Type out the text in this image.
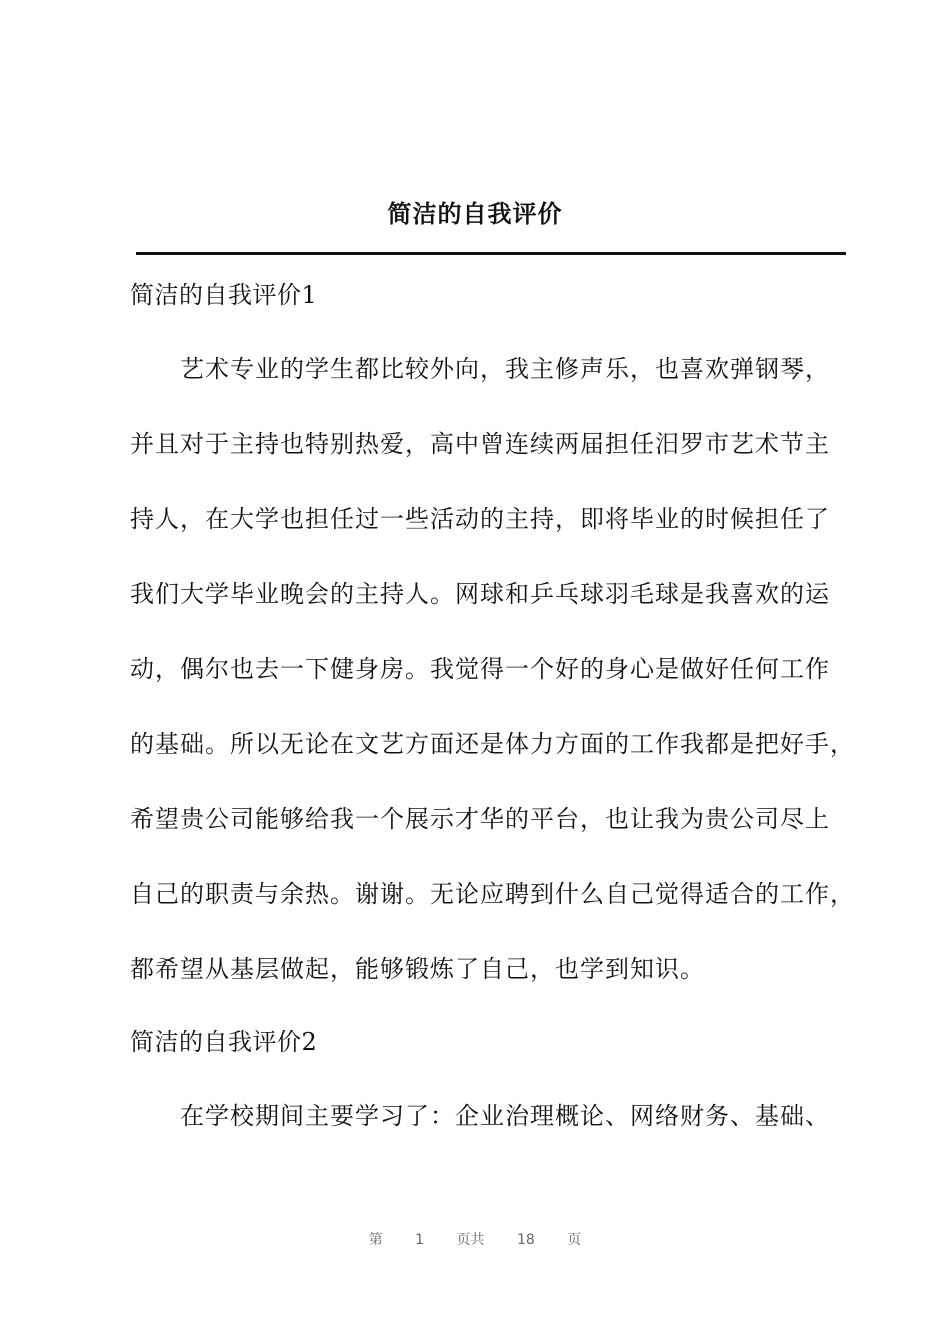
简洁的自我评价
简洁的自我评价1
艺术专业的学生都比较外向，我主修声乐，也喜欢弹钢琴，
并且对于主持也特别热爱，高中曾连续两届担任汨罗市艺术节主
持人，在大学也担任过一些活动的主持，即将毕业的时候担任了
我们大学毕业晚会的主持人。网球和乒乓球羽毛球是我喜欢的运
动，偶尔也去一下健身房。我觉得一个好的身心是做好任何工作
的基础。所以无论在文艺方面还是体力方面的工作我都是把好手，
希望贵公司能够给我一个展示才华的平台，也让我为贵公司尽上
自己的职责与余热。谢谢。无论应聘到什么自己觉得适合的工作，
都希望从基层做起，能够锻炼了自己，也学到知识。
简洁的自我评价2
在学校期间主要学习了：企业治理概论、网络财务、基础、
第 1 页共 18 页
